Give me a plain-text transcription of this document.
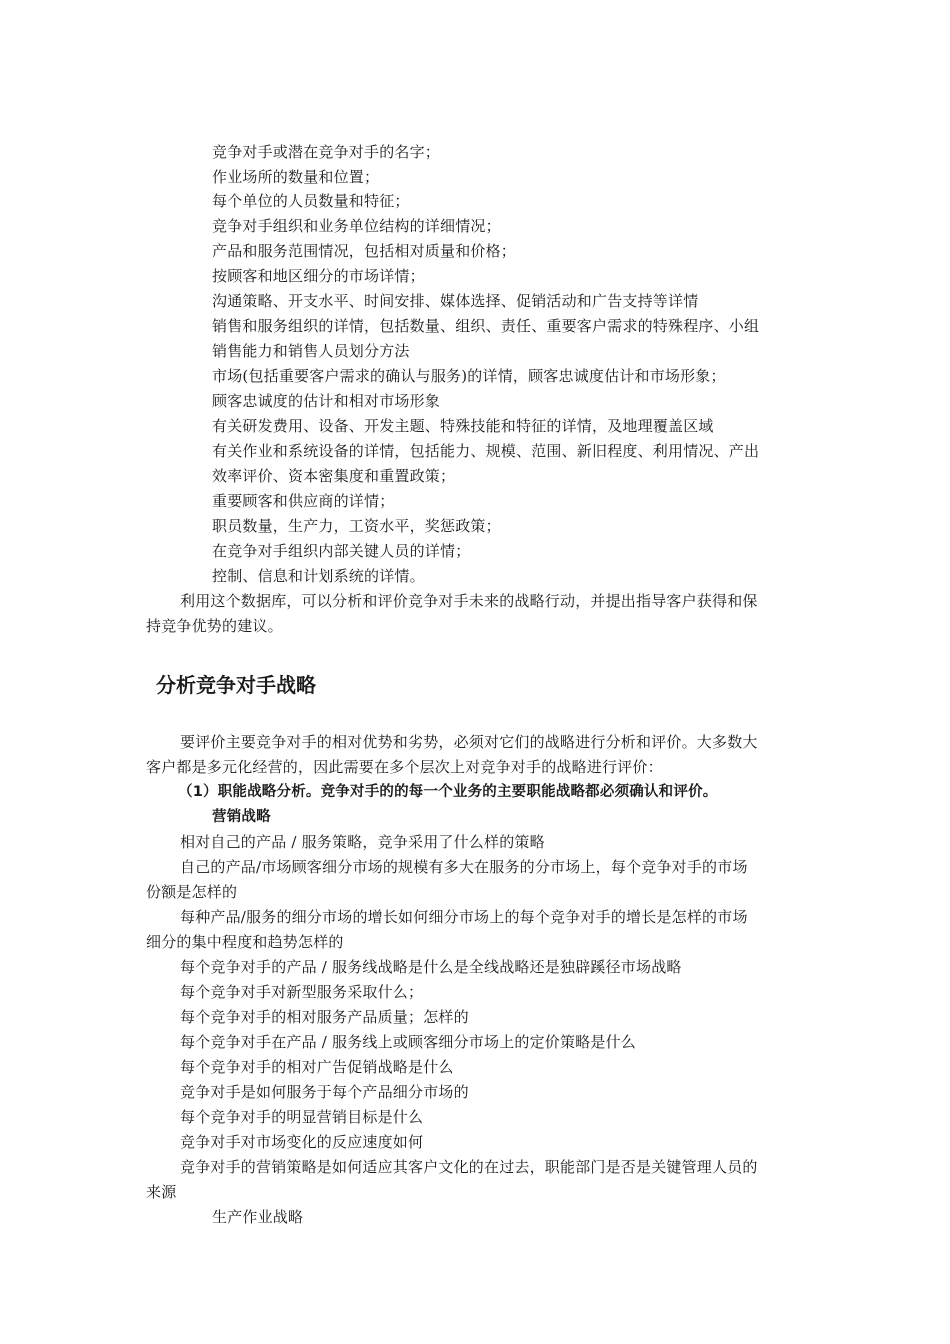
竞争对手或潜在竞争对手的名字；
作业场所的数量和位置；
每个单位的人员数量和特征；
竞争对手组织和业务单位结构的详细情况；
产品和服务范围情况，包括相对质量和价格；
按顾客和地区细分的市场详情；
沟通策略、开支水平、时间安排、媒体选择、促销活动和广告支持等详情
销售和服务组织的详情，包括数量、组织、责任、重要客户需求的特殊程序、小组
销售能力和销售人员划分方法
市场(包括重要客户需求的确认与服务)的详情，顾客忠诚度估计和市场形象；
顾客忠诚度的估计和相对市场形象
有关研发费用、设备、开发主题、特殊技能和特征的详情，及地理覆盖区域
有关作业和系统设备的详情，包括能力、规模、范围、新旧程度、利用情况、产出
效率评价、资本密集度和重置政策；
重要顾客和供应商的详情；
职员数量，生产力，工资水平，奖惩政策；
在竞争对手组织内部关键人员的详情；
控制、信息和计划系统的详情。
利用这个数据库，可以分析和评价竞争对手未来的战略行动，并提出指导客户获得和保
持竞争优势的建议。
分析竞争对手战略
要评价主要竞争对手的相对优势和劣势，必须对它们的战略进行分析和评价。大多数大
客户都是多元化经营的，因此需要在多个层次上对竞争对手的战略进行评价：
（1）职能战略分析。竞争对手的的每一个业务的主要职能战略都必须确认和评价。
营销战略
相对自己的产品 / 服务策略，竞争采用了什么样的策略
自己的产品/市场顾客细分市场的规模有多大在服务的分市场上，每个竞争对手的市场
份额是怎样的
每种产品/服务的细分市场的增长如何细分市场上的每个竞争对手的增长是怎样的市场
细分的集中程度和趋势怎样的
每个竞争对手的产品 / 服务线战略是什么是全线战略还是独辟蹊径市场战略
每个竞争对手对新型服务采取什么；
每个竞争对手的相对服务产品质量；怎样的
每个竞争对手在产品 / 服务线上或顾客细分市场上的定价策略是什么
每个竞争对手的相对广告促销战略是什么
竞争对手是如何服务于每个产品细分市场的
每个竞争对手的明显营销目标是什么
竞争对手对市场变化的反应速度如何
竞争对手的营销策略是如何适应其客户文化的在过去，职能部门是否是关键管理人员的
来源
生产作业战略
